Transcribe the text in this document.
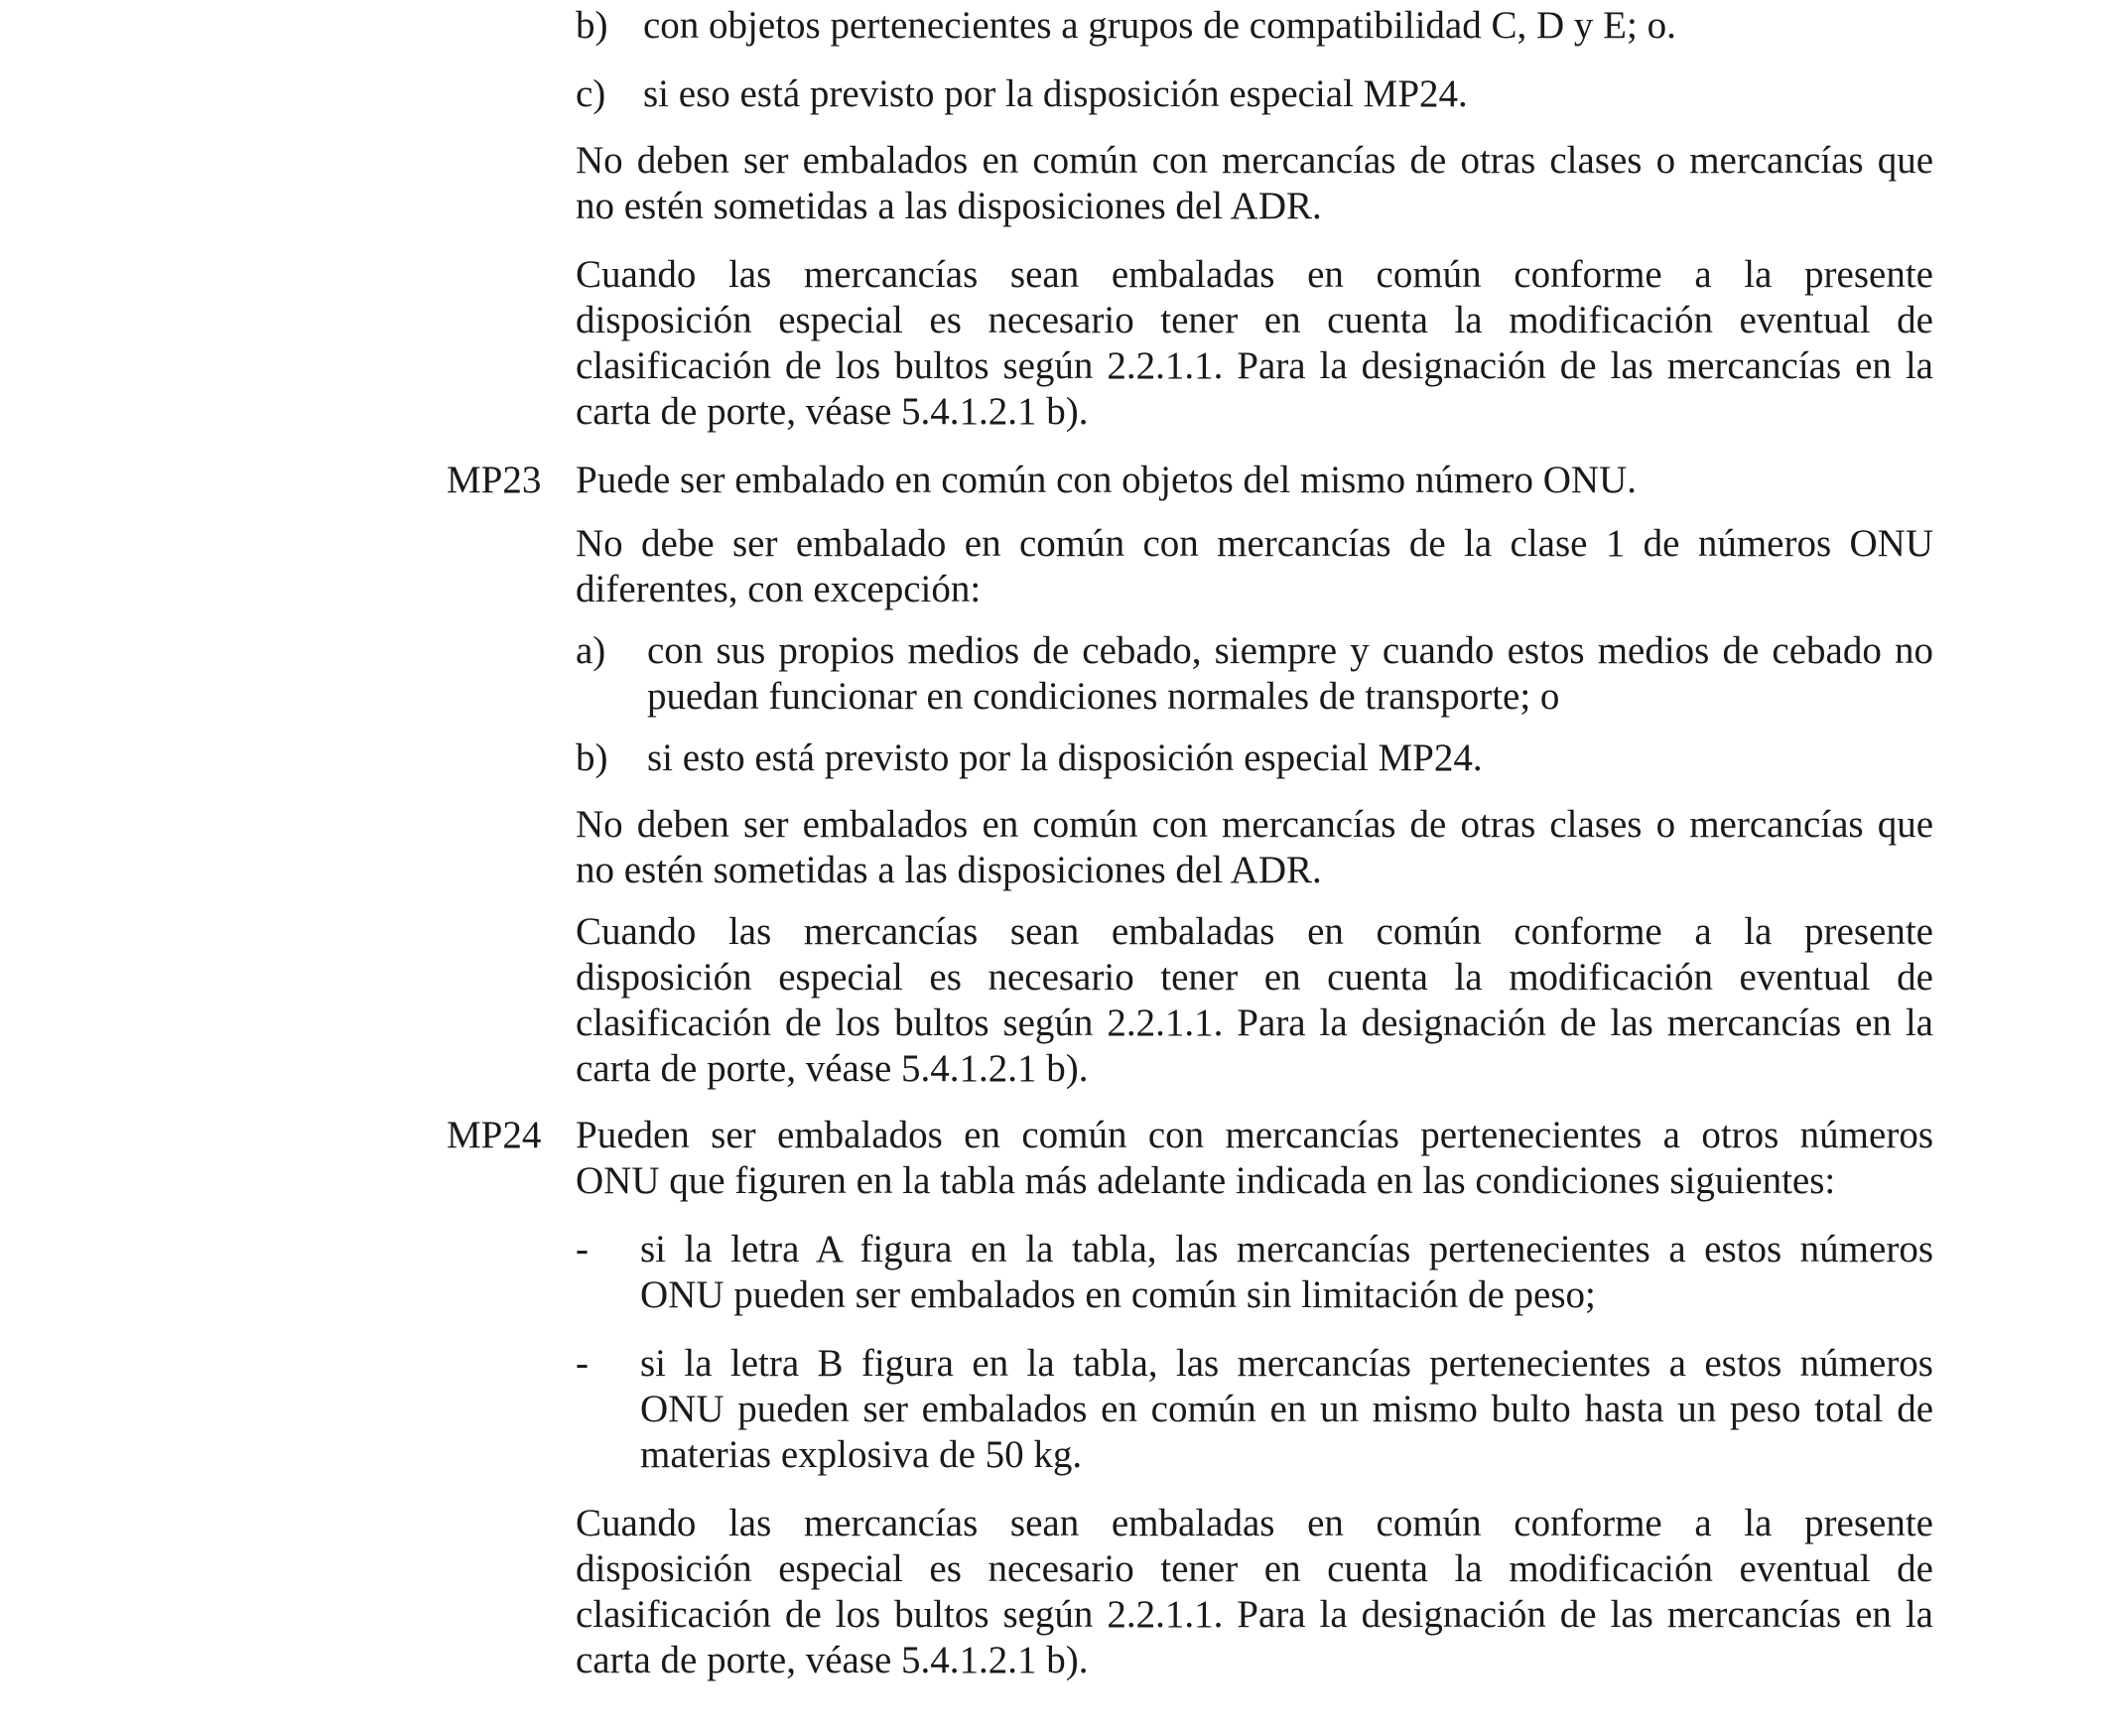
b) con objetos pertenecientes a grupos de compatibilidad C, D y E; o.
c) si eso está previsto por la disposición especial MP24.
No deben ser embalados en común con mercancías de otras clases o mercancías que
no estén sometidas a las disposiciones del ADR.
Cuando las mercancías sean embaladas en común conforme a la presente
disposición especial es necesario tener en cuenta la modificación eventual de
clasificación de los bultos según 2.2.1.1. Para la designación de las mercancías en la
carta de porte, véase 5.4.1.2.1 b).
MP23 Puede ser embalado en común con objetos del mismo número ONU.
No debe ser embalado en común con mercancías de la clase 1 de números ONU
diferentes, con excepción:
a) con sus propios medios de cebado, siempre y cuando estos medios de cebado no
puedan funcionar en condiciones normales de transporte; o
b) si esto está previsto por la disposición especial MP24.
No deben ser embalados en común con mercancías de otras clases o mercancías que
no estén sometidas a las disposiciones del ADR.
Cuando las mercancías sean embaladas en común conforme a la presente
disposición especial es necesario tener en cuenta la modificación eventual de
clasificación de los bultos según 2.2.1.1. Para la designación de las mercancías en la
carta de porte, véase 5.4.1.2.1 b).
MP24 Pueden ser embalados en común con mercancías pertenecientes a otros números
ONU que figuren en la tabla más adelante indicada en las condiciones siguientes:
- si la letra A figura en la tabla, las mercancías pertenecientes a estos números
ONU pueden ser embalados en común sin limitación de peso;
- si la letra B figura en la tabla, las mercancías pertenecientes a estos números
ONU pueden ser embalados en común en un mismo bulto hasta un peso total de
materias explosiva de 50 kg.
Cuando las mercancías sean embaladas en común conforme a la presente
disposición especial es necesario tener en cuenta la modificación eventual de
clasificación de los bultos según 2.2.1.1. Para la designación de las mercancías en la
carta de porte, véase 5.4.1.2.1 b).
